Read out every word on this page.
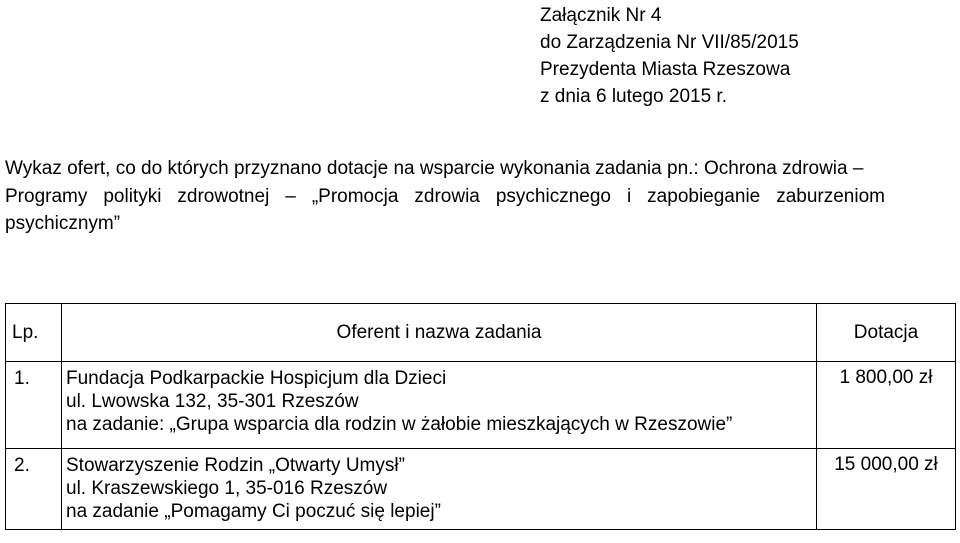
Załącznik Nr 4
do Zarządzenia Nr VII/85/2015
Prezydenta Miasta Rzeszowa
z dnia 6 lutego 2015 r.
Wykaz ofert, co do których przyznano dotacje na wsparcie wykonania zadania pn.: Ochrona zdrowia –
Programy polityki zdrowotnej – „Promocja zdrowia psychicznego i zapobieganie zaburzeniom
psychicznym”
Lp.	Oferent i nazwa zadania	Dotacja
1.	Fundacja Podkarpackie Hospicjum dla Dzieci
ul. Lwowska 132, 35-301 Rzeszów
na zadanie: „Grupa wsparcia dla rodzin w żałobie mieszkających w Rzeszowie”	1 800,00 zł
2.	Stowarzyszenie Rodzin „Otwarty Umysł”
ul. Kraszewskiego 1, 35-016 Rzeszów
na zadanie „Pomagamy Ci poczuć się lepiej”	15 000,00 zł
